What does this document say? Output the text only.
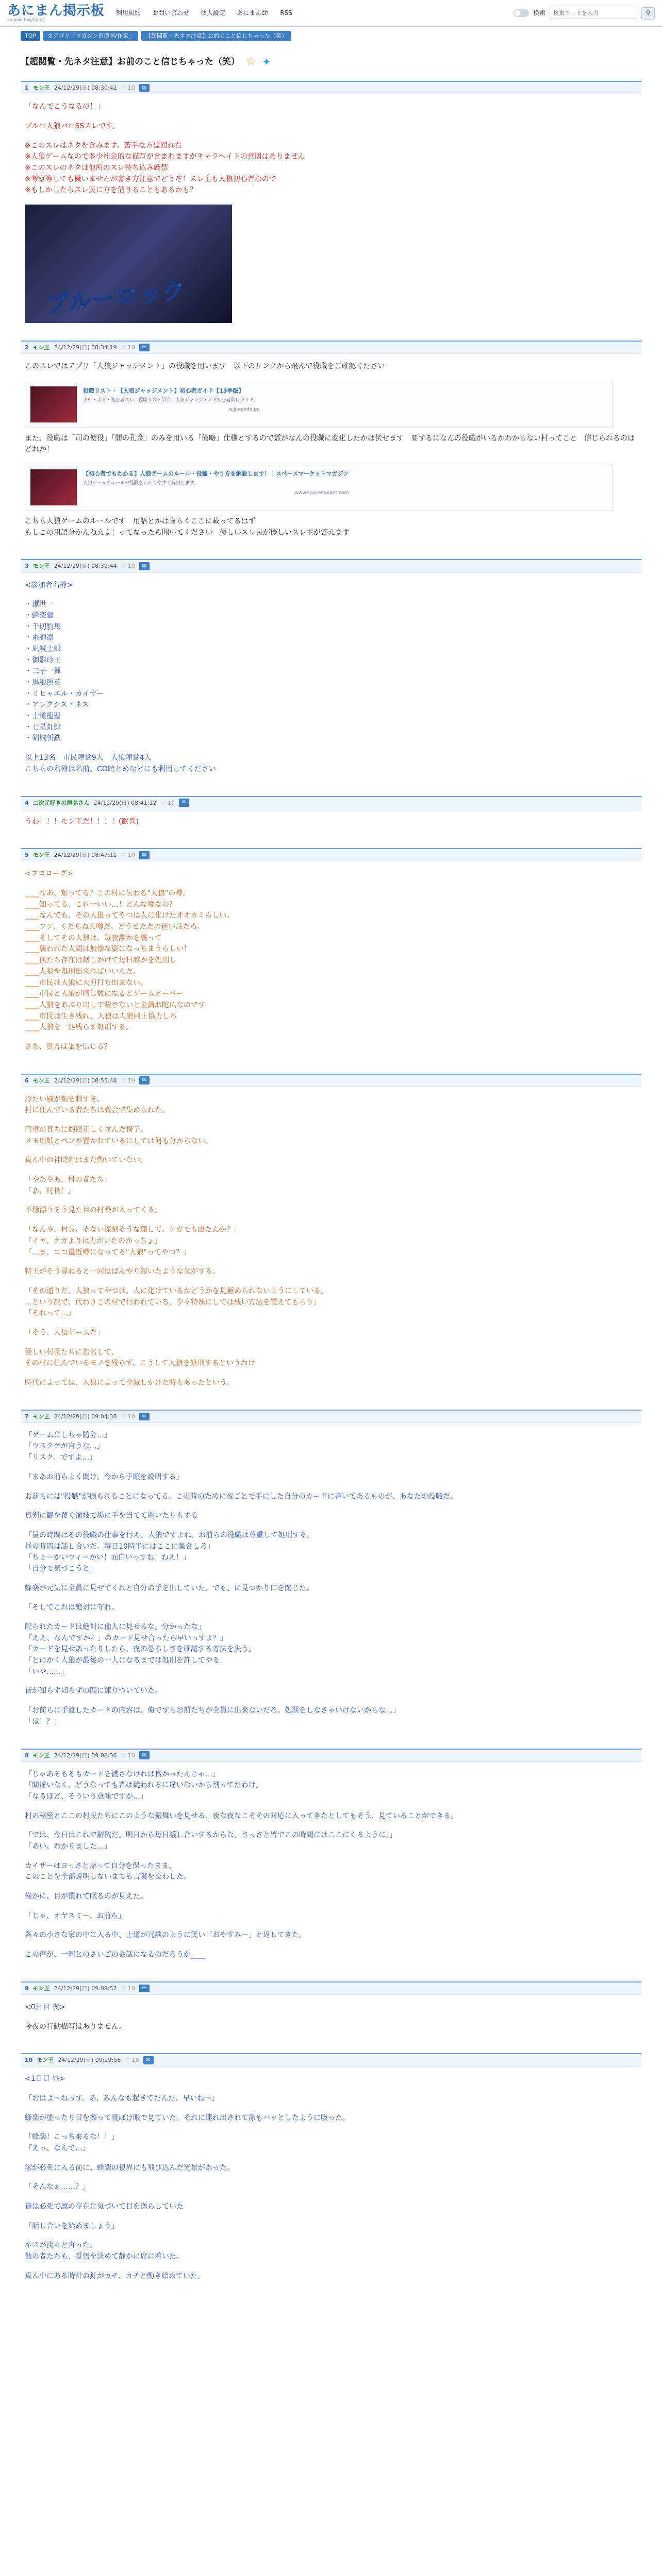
あにまん掲示板
animan bbs/掲示板
利用規約 お問い合わせ 個人設定 あにまんch RSS	検索
検索ワードを入力	⚲
TOP	カテゴリ「マガジン系漫画/作家」	【超閲覧・先ネタ注意】お前のこと信じちゃった（笑）
【超閲覧・先ネタ注意】お前のこと信じちゃった（笑） ☆ ✦
1 モン王 24/12/29(日) 08:30:42 ♡ 10	✉

「なんでこうなるの！」

ブルロ人狼パロSSスレです。

※このスレはネタを含みます。苦手な方は回れ右
※人狼ゲームなので多少社会的な描写が含まれますがキャラヘイトの意図はありません
※このスレのネタは他所のスレ持ち込み厳禁
※考察等しても構いませんが書き方注意でどうぞ！スレ主も人狼初心者なので
※もしかしたらスレ民に方を借りることもあるかも？

ブルーロック
2 モン王 24/12/29(日) 08:34:19 ♡ 10	✉

このスレではアプリ「人狼ジャッジメント」の役職を用います　以下のリンクから飛んで役職をご確認ください

役職リスト - 【人狼ジャッジメント】初心者ガイド【13季版】
ガチ・ネタ・初心者スレ。役職リスト紹介。人狼ジャッジメント初心者向けガイド。
w.jinroinfo.jp

また、役職は「司の使役」「闇の孔金」のみを用いる「簡略」仕様とするので霊がなんの役職に変化したかは伏せます　要するになんの役職がいるかわからない村ってこと　信じられるのはどれか！

【初心者でもわかる】人狼ゲームのルール・役職・やり方を解説します！｜スペースマーケットマガジン
人狼ゲームのルールや役職をわかりやすく解説します。
www.spacemarket.com

こちら人狼ゲームのルールです　用語とかは身らくここに載ってるはず
もしこの用語分かんねえよ！ってなったら聞いてください　優しいスレ民が優しいスレ主が答えます

3 モン王 24/12/29(日) 08:39:44 ♡ 10	✉

<参加者名簿>

・潔世一
・蜂楽廻
・千切豹馬
・糸師凛
・凪誠士郎
・御影玲王
・二子一揮
・馬狼照英
・ミヒャエル・カイザー
・アレクシス・ネス
・士道龍聖
・七星虹郎
・剣城斬鉄

以上13名　市民陣営9人　人狼陣営4人
こちらの名簿は名前、CO時とめなどにも利用してください

4 二次元好きの匿名さん 24/12/29(日) 08:41:12 ♡ 10	✉

うわ！！！モン王だ！！！！(歓喜)

5 モン王 24/12/29(日) 08:47:11 ♡ 10	✉

<プロローグ>

____なあ、知ってる？この村に伝わる"人狼"の噂。
____知ってる、これ一いい…！どんな噂なの？
____なんでも、その人狼ってやつは人に化けたオオカミらしい。
____フン、くだらねえ噂だ。どうせただの迷い話だろ。
____そしてその人狼は、毎夜誰かを襲って
____襲われた人間は無惨な姿になっちまうらしい！
____僕たち存在は話しかけて毎日誰かを処刑し
____人狼を処刑出来ればいいんだ。
____市民は人狼に大刀打ち出来ない。
____市民と人狼が同じ数になるとゲームオーバー
____人狼をあぶり出して殺さないと全員お陀仏なのです
____市民は生き残れ、人狼は人狼同士協力しろ
____人狼を一匹残らず処刑する。

さあ、貴方は誰を信じる？

6 モン王 24/12/29(日) 08:55:48 ♡ 10	✉

冷たい風が頬を刺す冬。
村に住んでいる者たちは教会で集められた。

円卓の真ちに燭照正しく並んだ椅子。
メモ用紙とペンが置かれているにしては何も分からない。

真ん中の神時計はまだ動いていない。

「やあやあ、村の者たち」
「あ、村長！」

不穏漂うそう見た目の村長が入ってくる。

「なんや、村長。そない深刻そうな顔して。ケガでも出たんか？」
「イヤ、ケガよりは力がいたのかっちょ」
「…ま、ココ最近噂になってる"人狼"ってやつ？」

特王がそう尋ねると一同はばんやり頷いたような気がする。

「その通りだ。人狼ってやつは、人に化けているかどうかを見極められないようにしている。
…という訳で、代わりこの村で行われている、少々特殊にしては残い方法を覚えてもらう」
「それって…」

「そう、人狼ゲームだ」

怪しい村民たちに指名して、
その村に住んでいるモノを残らず、こうして人狼を処刑するというわけ

時代によっては、人狼によって全滅しかけた時もあったという。

7 モン王 24/12/29(日) 09:04:38 ♡ 10	✉

「ゲームにしちゃ随分…」
「ウスクゲが言うな…」
「リスク、ですよ…」

「まあお前らよく聞け。今から手順を説明する」

お前らには"役職"が振られることになってる。この時のために夜ごとで手にした自分のカードに書いてあるものが、あなたの役職だ。

真剣に観を覆く演技で場に手を当てて聞いたりもする

「昼の時間はその役職の仕事を行え。人狼ですよね。お前らの役職は尊重して処刑する。
昼の時間は話し合いだ。毎日10時半にはここに集合しろ」
「ちょーかいウィーかい！面白いっすね！ねえ！」
「自分で気づこうと」

蜂楽が元気に全員に見せてくれと自分の手を出していた。でも、に見つかり口を閉じた。

「そしてこれは絶対に守れ。

配られたカードは絶対に他人に見せるな。分かったな」
「ええ、なんですか？」のカード見せ合ったら早いっすよ？」
「カードを見せあったりしたら、夜の恐ろしさを確認する方法を失う」
「とにかく人狼が最後の一人になるまでは処刑を許してやる」
「いや……」

皆が知らず知らずの間に凍りついていた。

「お前らに手渡したカードの内容は、俺ですらお前たちが全員に出来ないだろ。処罰をしなきゃいけないからな…」
「は！？」

8 モン王 24/12/29(日) 09:08:36 ♡ 10	✉

「じゃあそもそもカードを渡さなければ良かったんじゃ…」
「間違いなく、どうなっても皆は疑われるに違いないから割ってたわけ」
「なるほど、そういう意味ですか…」

村の秘密とここの村民たちにこのような振舞いを見せる、夜な夜なこそその対応に入ってきたとしてもそう、見ていることができる。

「では、今日はこれで解散だ。明日から毎日議し合いするからな。さっさと皆でこの時間にはここにくるように。」
「あい、わかりました…」

カイザーはヨっさと帰って自分を保ったまま、
このことを全部説明しないまでも言葉を交わした。

僅かに、目が慣れて眠るのが見えた。

「じゃ、オヤスミー、お前ら」

各々の小さな家の中に入る中、士道が冗談のように笑い「おやすみー」と返してきた。

この声が、一同とのさいごの会話になるのだろうか____

9 モン王 24/12/29(日) 09:09:57 ♡ 10	✉

<0日目 夜>

今夜の行動描写はありません。

10 モン王 24/12/29(日) 09:29:56 ♡ 10	✉

<1日目 昼>

「おはよ～ねっす。あ、みんなも起きてたんだ、早いね～」

蜂楽が塗ったり目を擦って寝ぼけ眼で見ていた。それに連れ出されて潔もハッとしたように吸った。

「蜂楽！こっち来るな！！」
「えっ、なんで…」

潔が必死に入る前に、蜂楽の視界にも飛び込んだ光景があった。

「そんなぁ……？」

皆は必死で凛の存在に気づいて目を逸らしていた

「話し合いを始めましょう」

ネスが淡々と言った。
他の者たちも、覚悟を決めて静かに席に着いた。

真ん中にある時計の針がカチ、カチと動き始めていた。
